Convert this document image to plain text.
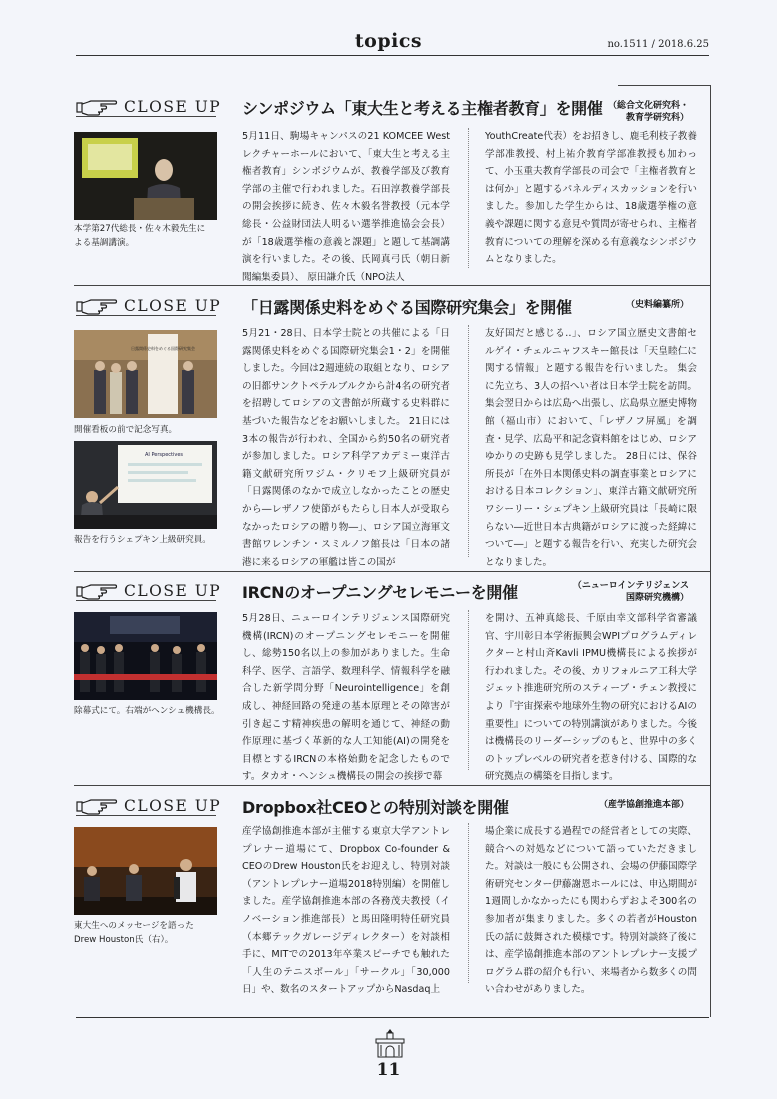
topics	no.1511 / 2018.6.25
CLOSE UP シンポジウム「東大生と考える主権者教育」を開催 （総合文化研究科・
教育学研究科）
本学第27代総長・佐々木毅先生に
よる基調講演。
5月11日、駒場キャンパスの21 KOMCEE Westレクチャーホールにおいて、「東大生と考える主権者教育」シンポジウムが、教養学部及び教育学部の主催で行われました。石田淳教養学部長の開会挨拶に続き、佐々木毅名誉教授（元本学総長・公益財団法人明るい選挙推進協会会長）が「18歳選挙権の意義と課題」と題して基調講演を行いました。その後、氏岡真弓氏（朝日新聞編集委員）、 原田謙介氏（NPO法人
YouthCreate代表）をお招きし、鹿毛利枝子教養学部准教授、村上祐介教育学部准教授も加わって、小玉重夫教育学部長の司会で「主権者教育とは何か」と題するパネルディスカッションを行いました。参加した学生からは、18歳選挙権の意義や課題に関する意見や質問が寄せられ、主権者教育についての理解を深める有意義なシンポジウムとなりました。
CLOSE UP 「日露関係史料をめぐる国際研究集会」を開催	（史料編纂所）
日露関係史料をめぐる国際研究集会
開催看板の前で記念写真。
AI Perspectives
報告を行うシェプキン上級研究員。
5月21・28日、日本学士院との共催による「日露関係史料をめぐる国際研究集会1・2」を開催しました。今回は2週連続の取組となり、ロシアの旧都サンクトペテルブルクから計4名の研究者を招聘してロシアの文書館が所蔵する史料群に基づいた報告などをお願いしました。 21日には3本の報告が行われ、全国から約50名の研究者が参加しました。ロシア科学アカデミー東洋古籍文献研究所ワジム・クリモフ上級研究員が「日露関係のなかで成立しなかったことの歴史から―レザノフ使節がもたらし日本人が受取らなかったロシアの贈り物―」、ロシア国立海軍文書館ワレンチン・スミルノフ館長は「日本の諸港に来るロシアの軍艦は皆この国が
友好国だと感じる‥」、ロシア国立歴史文書館セルゲイ・チェルニャフスキー館長は「天皇睦仁に関する情報」と題する報告を行いました。 集会に先立ち、3人の招へい者は日本学士院を訪問。集会翌日からは広島へ出張し、広島県立歴史博物館（福山市）において、「レザノフ屏風」を調査・見学、広島平和記念資料館をはじめ、ロシアゆかりの史跡も見学しました。 28日には、保谷所長が「在外日本関係史料の調査事業とロシアにおける日本コレクション」、東洋古籍文献研究所ワシーリー・シェプキン上級研究員は「長崎に限らない―近世日本古典籍がロシアに渡った経緯について―」と題する報告を行い、充実した研究会となりました。
CLOSE UP IRCNのオープニングセレモニーを開催	（ニューロインテリジェンス
国際研究機構）
除幕式にて。右端がヘンシュ機構長。
5月28日、ニューロインテリジェンス国際研究機構(IRCN)のオープニングセレモニーを開催し、総勢150名以上の参加がありました。生命科学、医学、言語学、数理科学、情報科学を融合した新学問分野「Neurointelligence」を創成し、神経回路の発達の基本原理とその障害が引き起こす精神疾患の解明を通じて、神経の動作原理に基づく革新的な人工知能(AI)の開発を目標とするIRCNの本格始動を記念したものです。タカオ・ヘンシュ機構長の開会の挨拶で幕
を開け、五神真総長、千原由幸文部科学省審議官、宇川彰日本学術振興会WPIプログラムディレクターと村山斉Kavli IPMU機構長による挨拶が行われました。その後、カリフォルニア工科大学ジェット推進研究所のスティーブ・チェン教授により『宇宙探索や地球外生物の研究におけるAIの重要性』についての特別講演がありました。今後は機構長のリーダーシップのもと、世界中の多くのトップレベルの研究者を惹き付ける、国際的な研究拠点の構築を目指します。
CLOSE UP Dropbox社CEOとの特別対談を開催	（産学協創推進本部）
東大生へのメッセージを語った
Drew Houston氏（右）。
産学協創推進本部が主催する東京大学アントレプレナー道場にて、Dropbox Co-founder & CEOのDrew Houston氏をお迎えし、特別対談（アントレプレナー道場2018特別編）を開催しました。産学協創推進本部の各務茂夫教授（イノベーション推進部長）と馬田隆明特任研究員（本郷テックガレージディレクター）を対談相手に、MITでの2013年卒業スピーチでも触れた「人生のテニスボール」「サークル」「30,000日」や、数名のスタートアップからNasdaq上
場企業に成長する過程での経営者としての実際、競合への対処などについて語っていただきました。対談は一般にも公開され、会場の伊藤国際学術研究センター伊藤謝恩ホールには、申込期間が1週間しかなかったにも関わらずおよそ300名の参加者が集まりました。多くの若者がHouston氏の話に鼓舞された模様です。特別対談終了後には、産学協創推進本部のアントレプレナー支援プログラム群の紹介も行い、来場者から数多くの問い合わせがありました。
11
